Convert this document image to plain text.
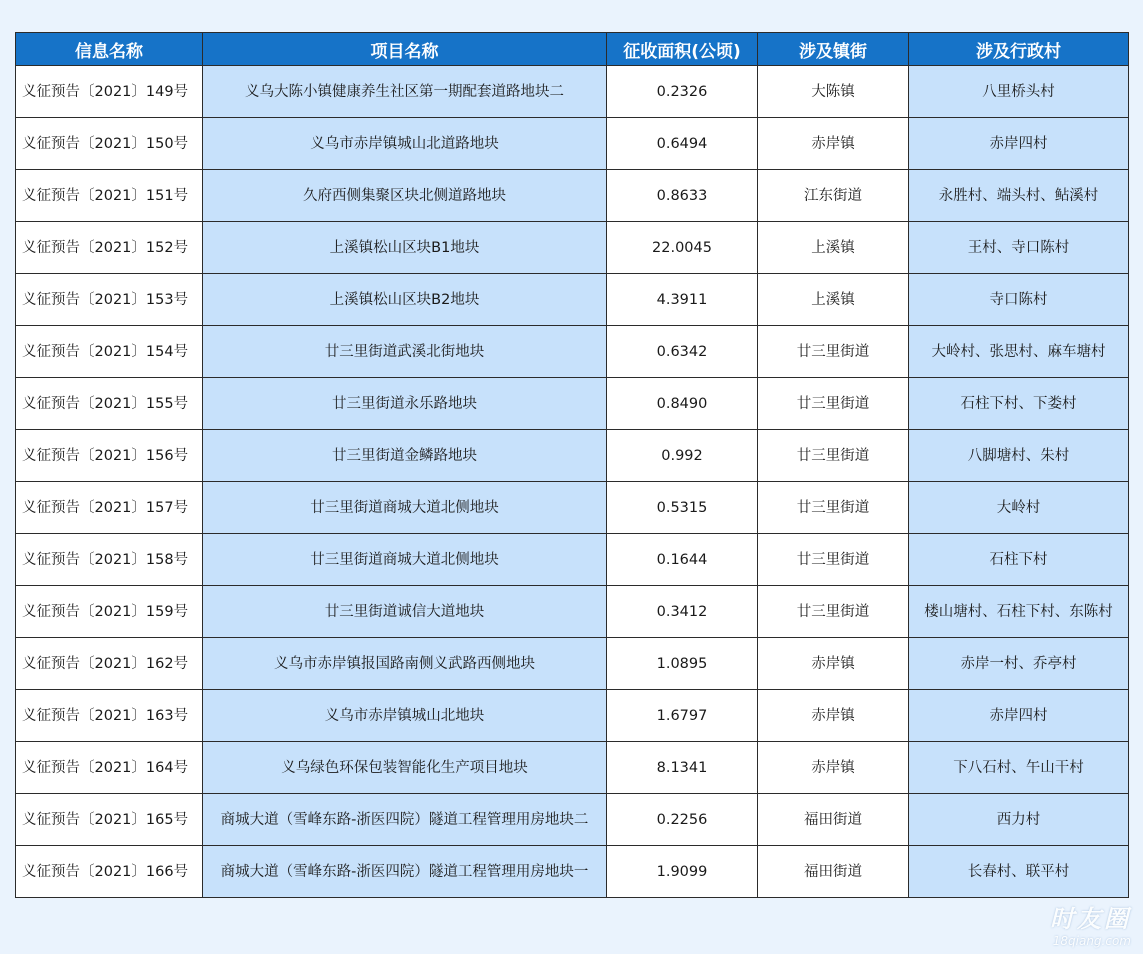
信息名称	项目名称	征收面积(公顷)	涉及镇街	涉及行政村
义征预告〔2021〕149号	义乌大陈小镇健康养生社区第一期配套道路地块二	0.2326	大陈镇	八里桥头村
义征预告〔2021〕150号	义乌市赤岸镇城山北道路地块	0.6494	赤岸镇	赤岸四村
义征预告〔2021〕151号	久府西侧集聚区块北侧道路地块	0.8633	江东街道	永胜村、端头村、鲇溪村
义征预告〔2021〕152号	上溪镇松山区块B1地块	22.0045	上溪镇	王村、寺口陈村
义征预告〔2021〕153号	上溪镇松山区块B2地块	4.3911	上溪镇	寺口陈村
义征预告〔2021〕154号	廿三里街道武溪北街地块	0.6342	廿三里街道	大岭村、张思村、麻车塘村
义征预告〔2021〕155号	廿三里街道永乐路地块	0.8490	廿三里街道	石柱下村、下娄村
义征预告〔2021〕156号	廿三里街道金鳞路地块	0.992	廿三里街道	八脚塘村、朱村
义征预告〔2021〕157号	廿三里街道商城大道北侧地块	0.5315	廿三里街道	大岭村
义征预告〔2021〕158号	廿三里街道商城大道北侧地块	0.1644	廿三里街道	石柱下村
义征预告〔2021〕159号	廿三里街道诚信大道地块	0.3412	廿三里街道	楼山塘村、石柱下村、东陈村
义征预告〔2021〕162号	义乌市赤岸镇报国路南侧义武路西侧地块	1.0895	赤岸镇	赤岸一村、乔亭村
义征预告〔2021〕163号	义乌市赤岸镇城山北地块	1.6797	赤岸镇	赤岸四村
义征预告〔2021〕164号	义乌绿色环保包装智能化生产项目地块	8.1341	赤岸镇	下八石村、午山干村
义征预告〔2021〕165号	商城大道（雪峰东路-浙医四院）隧道工程管理用房地块二	0.2256	福田街道	西力村
义征预告〔2021〕166号	商城大道（雪峰东路-浙医四院）隧道工程管理用房地块一	1.9099	福田街道	长春村、联平村
时友圈
18qiang.com
